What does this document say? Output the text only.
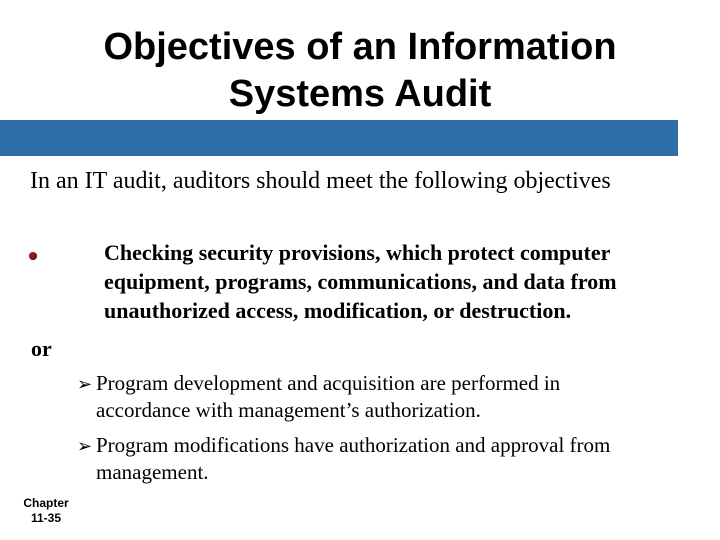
Objectives of an Information
Systems Audit
In an IT audit, auditors should meet the following objectives
Checking security provisions, which protect computer equipment, programs, communications, and data from unauthorized access, modification, or destruction.
or
➢ Program development and acquisition are performed in accordance with management’s authorization.
➢ Program modifications have authorization and approval from management.
Chapter
11-35
